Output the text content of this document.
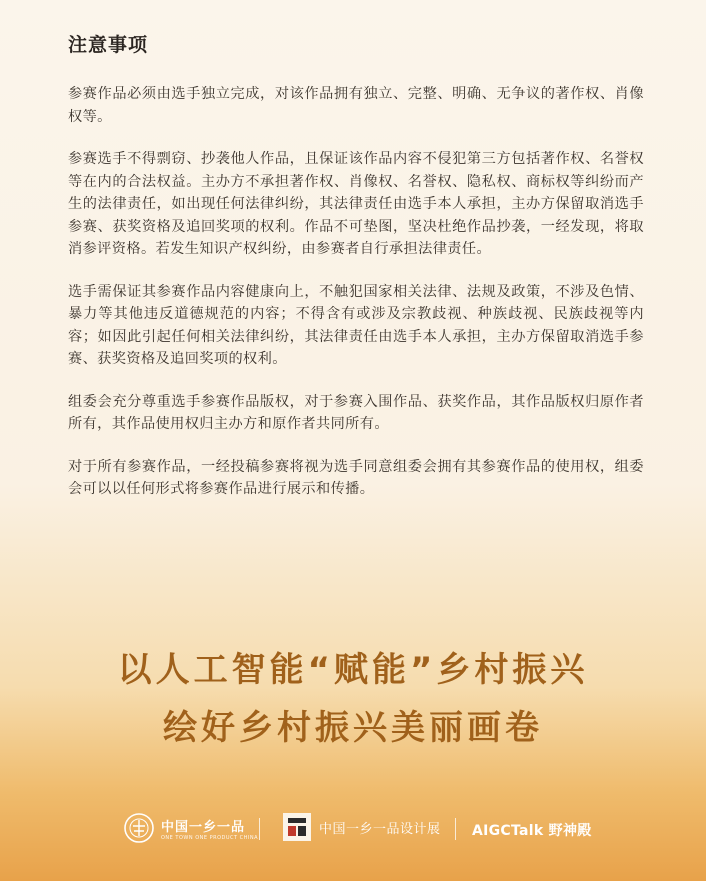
注意事项

参赛作品必须由选手独立完成，对该作品拥有独立、完整、明确、无争议的著作权、肖像权等。

参赛选手不得剽窃、抄袭他人作品，且保证该作品内容不侵犯第三方包括著作权、名誉权等在内的合法权益。主办方不承担著作权、肖像权、名誉权、隐私权、商标权等纠纷而产生的法律责任，如出现任何法律纠纷，其法律责任由选手本人承担，主办方保留取消选手参赛、获奖资格及追回奖项的权利。作品不可垫图，坚决杜绝作品抄袭，一经发现，将取消参评资格。若发生知识产权纠纷，由参赛者自行承担法律责任。

选手需保证其参赛作品内容健康向上，不触犯国家相关法律、法规及政策，不涉及色情、暴力等其他违反道德规范的内容；不得含有或涉及宗教歧视、种族歧视、民族歧视等内容；如因此引起任何相关法律纠纷，其法律责任由选手本人承担，主办方保留取消选手参赛、获奖资格及追回奖项的权利。

组委会充分尊重选手参赛作品版权，对于参赛入围作品、获奖作品，其作品版权归原作者所有，其作品使用权归主办方和原作者共同所有。

对于所有参赛作品，一经投稿参赛将视为选手同意组委会拥有其参赛作品的使用权，组委会可以以任何形式将参赛作品进行展示和传播。

以人工智能“赋能”乡村振兴
绘好乡村振兴美丽画卷
中国一乡一品
ONE TOWN ONE PRODUCT CHINA
中国一乡一品设计展 AIGCTalk 野神殿
